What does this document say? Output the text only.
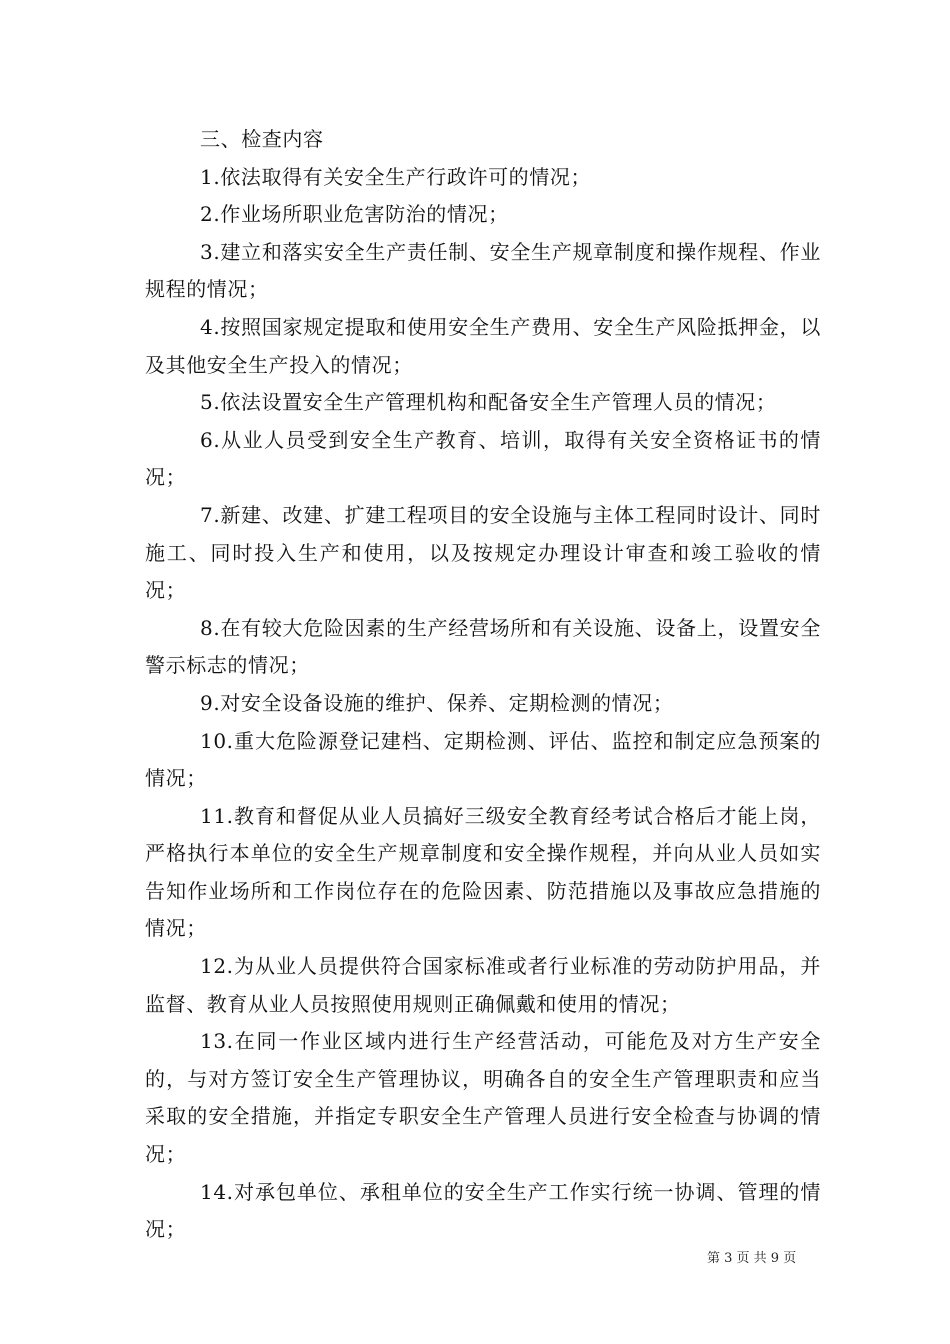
三、检查内容

1.依法取得有关安全生产行政许可的情况；

2.作业场所职业危害防治的情况；

3.建立和落实安全生产责任制、安全生产规章制度和操作规程、作业规程的情况；

4.按照国家规定提取和使用安全生产费用、安全生产风险抵押金，以及其他安全生产投入的情况；

5.依法设置安全生产管理机构和配备安全生产管理人员的情况；

6.从业人员受到安全生产教育、培训，取得有关安全资格证书的情况；

7.新建、改建、扩建工程项目的安全设施与主体工程同时设计、同时施工、同时投入生产和使用，以及按规定办理设计审查和竣工验收的情况；

8.在有较大危险因素的生产经营场所和有关设施、设备上，设置安全警示标志的情况；

9.对安全设备设施的维护、保养、定期检测的情况；

10.重大危险源登记建档、定期检测、评估、监控和制定应急预案的情况；

11.教育和督促从业人员搞好三级安全教育经考试合格后才能上岗，严格执行本单位的安全生产规章制度和安全操作规程，并向从业人员如实告知作业场所和工作岗位存在的危险因素、防范措施以及事故应急措施的情况；

12.为从业人员提供符合国家标准或者行业标准的劳动防护用品，并监督、教育从业人员按照使用规则正确佩戴和使用的情况；

13.在同一作业区域内进行生产经营活动，可能危及对方生产安全的，与对方签订安全生产管理协议，明确各自的安全生产管理职责和应当采取的安全措施，并指定专职安全生产管理人员进行安全检查与协调的情况；

14.对承包单位、承租单位的安全生产工作实行统一协调、管理的情况；

第 3 页 共 9 页
